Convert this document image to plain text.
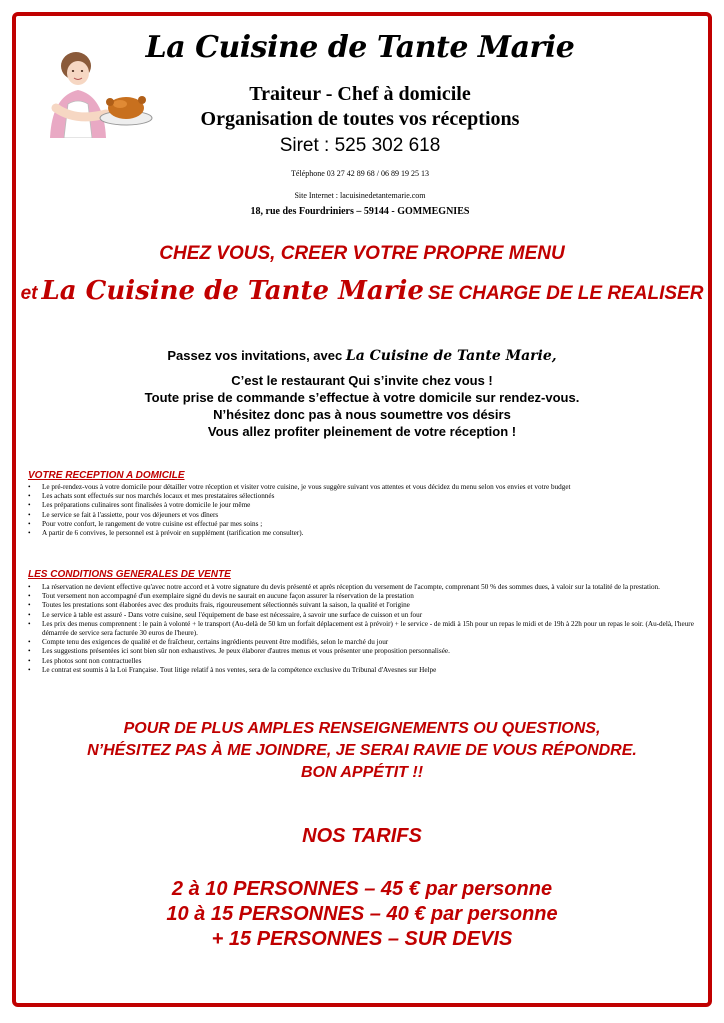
La Cuisine de Tante Marie
Traiteur - Chef à domicile
Organisation de toutes vos réceptions
Siret : 525 302 618
Téléphone 03 27 42 89 68 / 06 89 19 25 13
Site Internet : lacuisinedetantemarie.com
18, rue des Fourdriniers – 59144 - GOMMEGNIES
CHEZ VOUS, CREER VOTRE PROPRE MENU
et La Cuisine de Tante Marie SE CHARGE DE LE REALISER
Passez vos invitations, avec La Cuisine de Tante Marie,
C’est le restaurant Qui s’invite chez vous !
Toute prise de commande s’effectue à votre domicile sur rendez-vous.
N’hésitez donc pas à nous soumettre vos désirs
Vous allez profiter pleinement de votre réception !
VOTRE RECEPTION A DOMICILE
• Le pré-rendez-vous à votre domicile pour détailler votre réception et visiter votre cuisine, je vous suggère suivant vos attentes et vous décidez du menu selon vos envies et votre budget
• Les achats sont effectués sur nos marchés locaux et mes prestataires sélectionnés
• Les préparations culinaires sont finalisées à votre domicile le jour même
• Le service se fait à l'assiette, pour vos déjeuners et vos dîners
• Pour votre confort, le rangement de votre cuisine est effectué par mes soins ;
• A partir de 6 convives, le personnel est à prévoir en supplément (tarification me consulter).
LES CONDITIONS GENERALES DE VENTE
• La réservation ne devient effective qu'avec notre accord et à votre signature du devis présenté et après réception du versement de l'acompte, comprenant 50 % des sommes dues, à valoir sur la totalité de la prestation.
• Tout versement non accompagné d'un exemplaire signé du devis ne saurait en aucune façon assurer la réservation de la prestation
• Toutes les prestations sont élaborées avec des produits frais, rigoureusement sélectionnés suivant la saison, la qualité et l'origine
• Le service à table est assuré - Dans votre cuisine, seul l'équipement de base est nécessaire, à savoir une surface de cuisson et un four
• Les prix des menus comprennent : le pain à volonté + le transport (Au-delà de 50 km un forfait déplacement est à prévoir) + le service - de midi à 15h pour un repas le midi et de 19h à 22h pour un repas le soir. (Au-delà, l'heure démarrée de service sera facturée 30 euros de l'heure).
• Compte tenu des exigences de qualité et de fraîcheur, certains ingrédients peuvent être modifiés, selon le marché du jour
• Les suggestions présentées ici sont bien sûr non exhaustives. Je peux élaborer d'autres menus et vous présenter une proposition personnalisée.
• Les photos sont non contractuelles
• Le contrat est soumis à la Loi Française. Tout litige relatif à nos ventes, sera de la compétence exclusive du Tribunal d'Avesnes sur Helpe
POUR DE PLUS AMPLES RENSEIGNEMENTS OU QUESTIONS,
N’HÉSITEZ PAS À ME JOINDRE, JE SERAI RAVIE DE VOUS RÉPONDRE.
BON APPÉTIT !!
NOS TARIFS
2 à 10 PERSONNES – 45 € par personne
10 à 15 PERSONNES – 40 € par personne
+ 15 PERSONNES – SUR DEVIS
